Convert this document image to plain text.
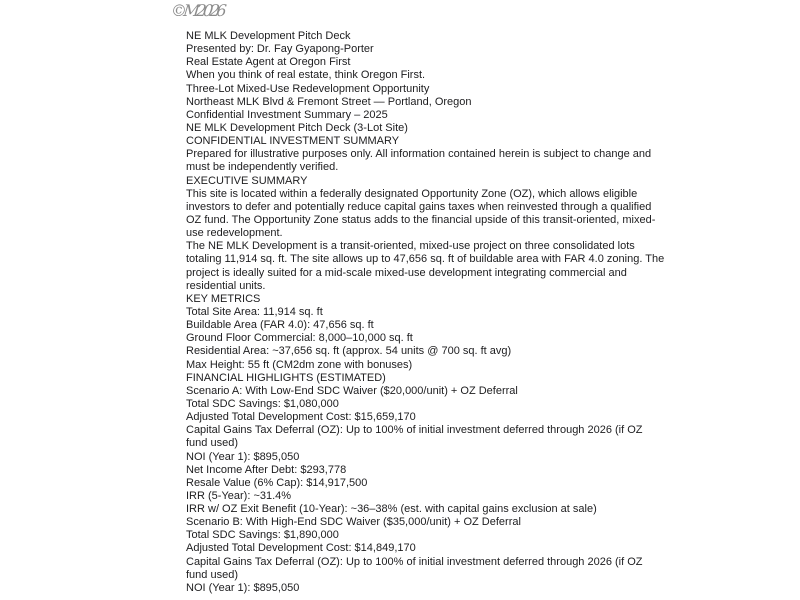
©M2026
NE MLK Development Pitch Deck
Presented by: Dr. Fay Gyapong-Porter
Real Estate Agent at Oregon First
When you think of real estate, think Oregon First.
Three-Lot Mixed-Use Redevelopment Opportunity
Northeast MLK Blvd & Fremont Street — Portland, Oregon
Confidential Investment Summary – 2025
NE MLK Development Pitch Deck (3-Lot Site)
CONFIDENTIAL INVESTMENT SUMMARY
Prepared for illustrative purposes only. All information contained herein is subject to change and
must be independently verified.
EXECUTIVE SUMMARY
This site is located within a federally designated Opportunity Zone (OZ), which allows eligible
investors to defer and potentially reduce capital gains taxes when reinvested through a qualified
OZ fund. The Opportunity Zone status adds to the financial upside of this transit-oriented, mixed-
use redevelopment.
The NE MLK Development is a transit-oriented, mixed-use project on three consolidated lots
totaling 11,914 sq. ft. The site allows up to 47,656 sq. ft of buildable area with FAR 4.0 zoning. The
project is ideally suited for a mid-scale mixed-use development integrating commercial and
residential units.
KEY METRICS
Total Site Area: 11,914 sq. ft
Buildable Area (FAR 4.0): 47,656 sq. ft
Ground Floor Commercial: 8,000–10,000 sq. ft
Residential Area: ~37,656 sq. ft (approx. 54 units @ 700 sq. ft avg)
Max Height: 55 ft (CM2dm zone with bonuses)
FINANCIAL HIGHLIGHTS (ESTIMATED)
Scenario A: With Low-End SDC Waiver ($20,000/unit) + OZ Deferral
Total SDC Savings: $1,080,000
Adjusted Total Development Cost: $15,659,170
Capital Gains Tax Deferral (OZ): Up to 100% of initial investment deferred through 2026 (if OZ
fund used)
NOI (Year 1): $895,050
Net Income After Debt: $293,778
Resale Value (6% Cap): $14,917,500
IRR (5-Year): ~31.4%
IRR w/ OZ Exit Benefit (10-Year): ~36–38% (est. with capital gains exclusion at sale)
Scenario B: With High-End SDC Waiver ($35,000/unit) + OZ Deferral
Total SDC Savings: $1,890,000
Adjusted Total Development Cost: $14,849,170
Capital Gains Tax Deferral (OZ): Up to 100% of initial investment deferred through 2026 (if OZ
fund used)
NOI (Year 1): $895,050
